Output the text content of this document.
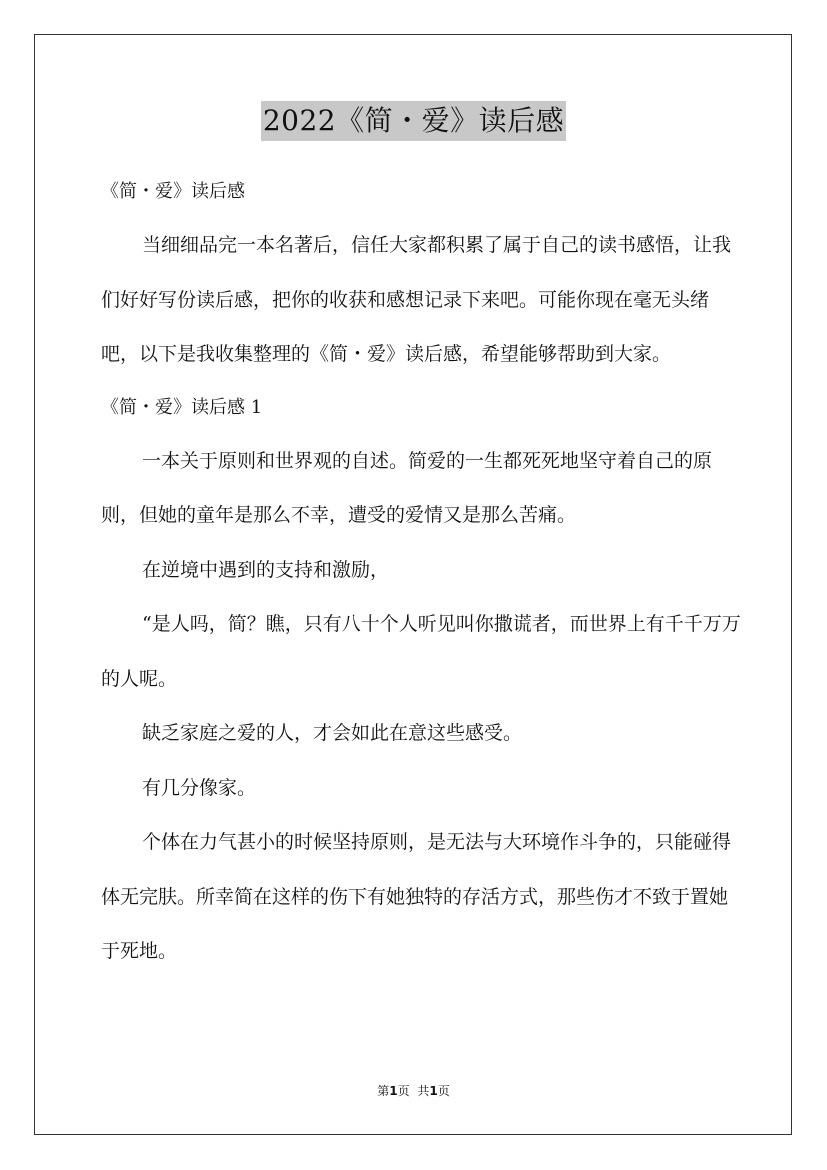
2022《简・爱》读后感

《简・爱》读后感

当细细品完一本名著后，信任大家都积累了属于自己的读书感悟，让我们好好写份读后感，把你的收获和感想记录下来吧。可能你现在毫无头绪吧，以下是我收集整理的《简・爱》读后感，希望能够帮助到大家。

《简・爱》读后感 1

一本关于原则和世界观的自述。简爱的一生都死死地坚守着自己的原则，但她的童年是那么不幸，遭受的爱情又是那么苦痛。

在逆境中遇到的支持和激励，

“是人吗，简？瞧，只有八十个人听见叫你撒谎者，而世界上有千千万万的人呢。

缺乏家庭之爱的人，才会如此在意这些感受。

有几分像家。

个体在力气甚小的时候坚持原则，是无法与大环境作斗争的，只能碰得体无完肤。所幸简在这样的伤下有她独特的存活方式，那些伤才不致于置她于死地。

第1页 共1页
